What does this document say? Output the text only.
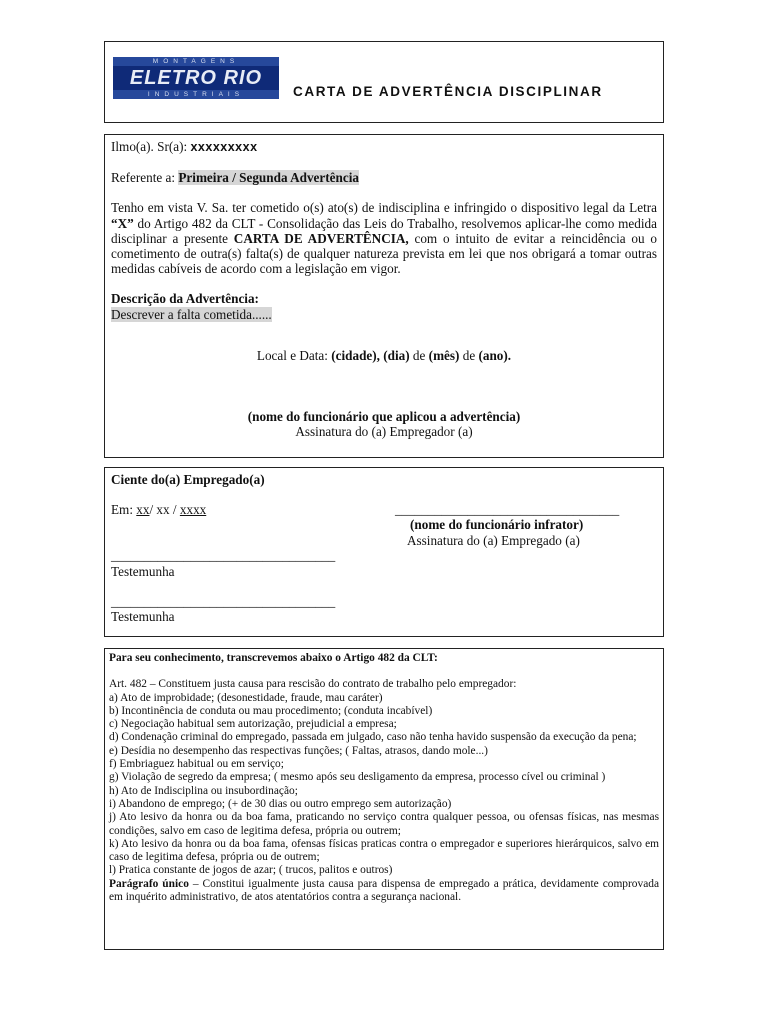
MONTAGENS
ELETRO RIO
INDUSTRIAIS	CARTA DE ADVERTÊNCIA DISCIPLINAR

Ilmo(a). Sr(a): xxxxxxxxx

Referente a: Primeira / Segunda Advertência

Tenho em vista V. Sa. ter cometido o(s) ato(s) de indisciplina e infringido o dispositivo legal da Letra “X” do Artigo 482 da CLT - Consolidação das Leis do Trabalho, resolvemos aplicar-lhe como medida disciplinar a presente CARTA DE ADVERTÊNCIA, com o intuito de evitar a reincidência ou o cometimento de outra(s) falta(s) de qualquer natureza prevista em lei que nos obrigará a tomar outras medidas cabíveis de acordo com a legislação em vigor.

Descrição da Advertência:

Descrever a falta cometida......

Local e Data: (cidade), (dia) de (mês) de (ano).

(nome do funcionário que aplicou a advertência)

Assinatura do (a) Empregador (a)

Ciente do(a) Empregado(a)
Em: xx/ xx / xxxx	__________________________________
(nome do funcionário infrator)
Assinatura do (a) Empregado (a)
__________________________________
Testemunha
__________________________________
Testemunha

Para seu conhecimento, transcrevemos abaixo o Artigo 482 da CLT:

Art. 482 – Constituem justa causa para rescisão do contrato de trabalho pelo empregador:

a) Ato de improbidade; (desonestidade, fraude, mau caráter)

b) Incontinência de conduta ou mau procedimento; (conduta incabível)

c) Negociação habitual sem autorização, prejudicial a empresa;

d) Condenação criminal do empregado, passada em julgado, caso não tenha havido suspensão da execução da pena;

e) Desídia no desempenho das respectivas funções; ( Faltas, atrasos, dando mole...)

f) Embriaguez habitual ou em serviço;

g) Violação de segredo da empresa; ( mesmo após seu desligamento da empresa, processo cível ou criminal )

h) Ato de Indisciplina ou insubordinação;

i) Abandono de emprego; (+ de 30 dias ou outro emprego sem autorização)

j) Ato lesivo da honra ou da boa fama, praticando no serviço contra qualquer pessoa, ou ofensas físicas, nas mesmas condições, salvo em caso de legitima defesa, própria ou outrem;

k) Ato lesivo da honra ou da boa fama, ofensas físicas praticas contra o empregador e superiores hierárquicos, salvo em caso de legitima defesa, própria ou de outrem;

l) Pratica constante de jogos de azar; ( trucos, palitos e outros)

Parágrafo único – Constitui igualmente justa causa para dispensa de empregado a prática, devidamente comprovada em inquérito administrativo, de atos atentatórios contra a segurança nacional.
